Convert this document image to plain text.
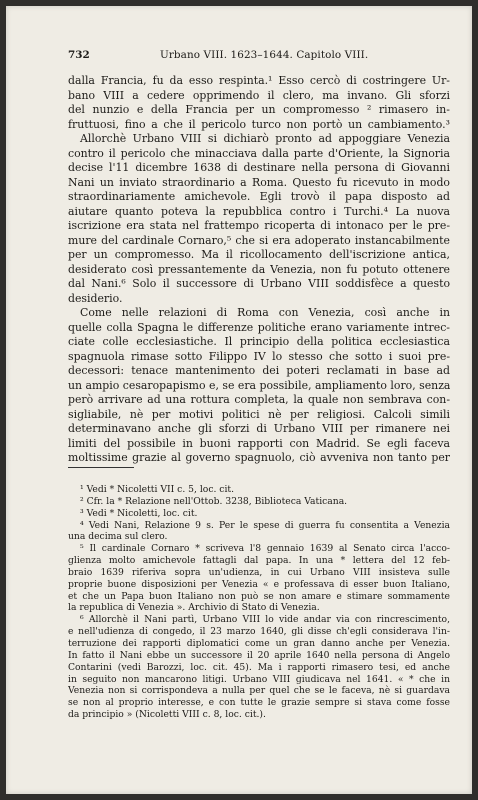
732	Urbano VIII. 1623–1644. Capitolo VIII.
dalla Francia, fu da esso respinta.¹ Esso cercò di costringere Ur-
bano VIII a cedere opprimendo il clero, ma invano. Gli sforzi
del nunzio e della Francia per un compromesso ² rimasero in-
fruttuosi, fino a che il pericolo turco non portò un cambiamento.³
Allorchè Urbano VIII si dichiarò pronto ad appoggiare Venezia
contro il pericolo che minacciava dalla parte d'Oriente, la Signoria
decise l'11 dicembre 1638 di destinare nella persona di Giovanni
Nani un inviato straordinario a Roma. Questo fu ricevuto in modo
straordinariamente amichevole. Egli trovò il papa disposto ad
aiutare quanto poteva la repubblica contro i Turchi.⁴ La nuova
iscrizione era stata nel frattempo ricoperta di intonaco per le pre-
mure del cardinale Cornaro,⁵ che si era adoperato instancabilmente
per un compromesso. Ma il ricollocamento dell'iscrizione antica,
desiderato così pressantemente da Venezia, non fu potuto ottenere
dal Nani.⁶ Solo il successore di Urbano VIII soddisfèce a questo
desiderio.
Come nelle relazioni di Roma con Venezia, così anche in
quelle colla Spagna le differenze politiche erano variamente intrec-
ciate colle ecclesiastiche. Il principio della politica ecclesiastica
spagnuola rimase sotto Filippo IV lo stesso che sotto i suoi pre-
decessori: tenace mantenimento dei poteri reclamati in base ad
un ampio cesaropapismo e, se era possibile, ampliamento loro, senza
però arrivare ad una rottura completa, la quale non sembrava con-
sigliabile, nè per motivi politici nè per religiosi. Calcoli simili
determinavano anche gli sforzi di Urbano VIII per rimanere nei
limiti del possibile in buoni rapporti con Madrid. Se egli faceva
moltissime grazie al governo spagnuolo, ciò avveniva non tanto per
¹ Vedi * Nicoletti VII c. 5, loc. cit.
² Cfr. la * Relazione nell'Ottob. 3238, Biblioteca Vaticana.
³ Vedi * Nicoletti, loc. cit.
⁴ Vedi Nani, Relazione 9 s. Per le spese di guerra fu consentita a Venezia
una decima sul clero.
⁵ Il cardinale Cornaro * scriveva l'8 gennaio 1639 al Senato circa l'acco-
glienza molto amichevole fattagli dal papa. In una * lettera del 12 feb-
braio 1639 riferiva sopra un'udienza, in cui Urbano VIII insisteva sulle
proprie buone disposizioni per Venezia « e professava di esser buon Italiano,
et che un Papa buon Italiano non può se non amare e stimare sommamente
la republica di Venezia ». Archivio di Stato di Venezia.
⁶ Allorchè il Nani partì, Urbano VIII lo vide andar via con rincrescimento,
e nell'udienza di congedo, il 23 marzo 1640, gli disse ch'egli considerava l'in-
terruzione dei rapporti diplomatici come un gran danno anche per Venezia.
In fatto il Nani ebbe un successore il 20 aprile 1640 nella persona di Angelo
Contarini (vedi Barozzi, loc. cit. 45). Ma i rapporti rimasero tesi, ed anche
in seguito non mancarono litigi. Urbano VIII giudicava nel 1641. « * che in
Venezia non si corrispondeva a nulla per quel che se le faceva, nè si guardava
se non al proprio interesse, e con tutte le grazie sempre si stava come fosse
da principio » (Nicoletti VIII c. 8, loc. cit.).
